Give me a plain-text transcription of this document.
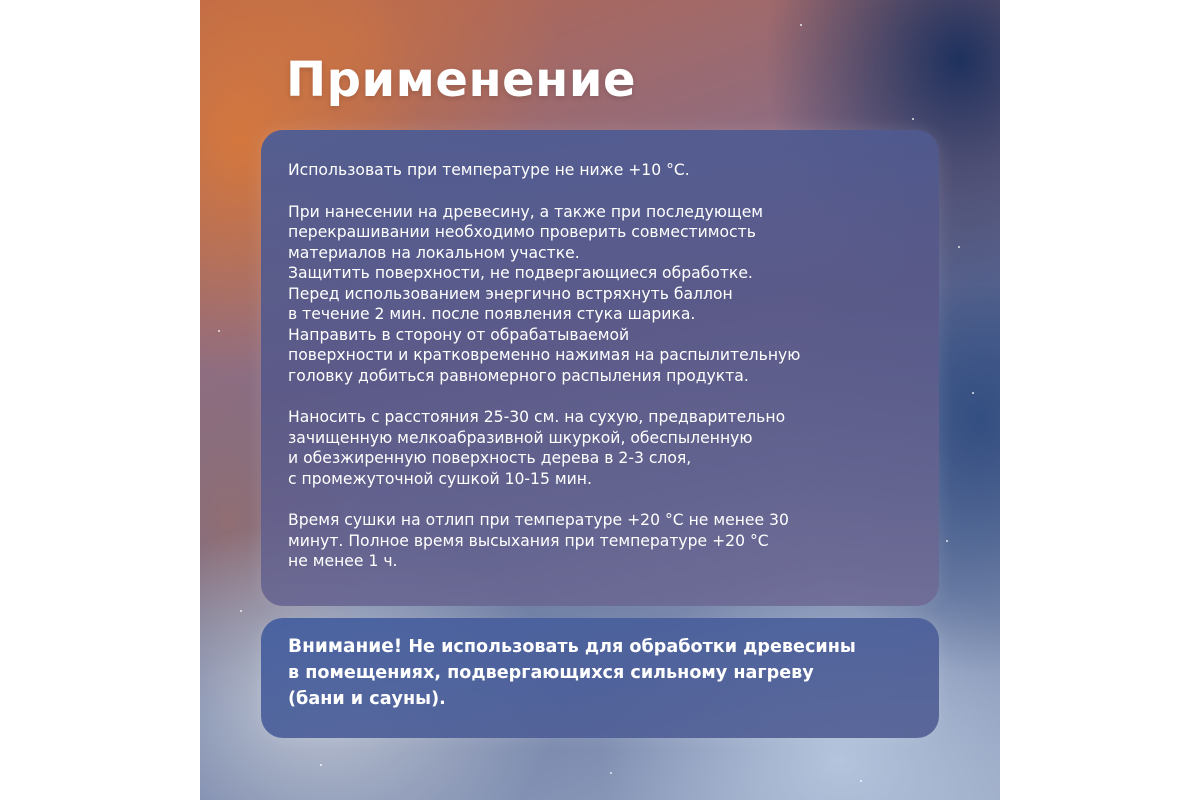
Применение

Использовать при температуре не ниже +10 °С.

При нанесении на древесину, а также при последующем
перекрашивании необходимо проверить совместимость
материалов на локальном участке.
Защитить поверхности, не подвергающиеся обработке.
Перед использованием энергично встряхнуть баллон
в течение 2 мин. после появления стука шарика.
Направить в сторону от обрабатываемой
поверхности и кратковременно нажимая на распылительную
головку добиться равномерного распыления продукта.

Наносить с расстояния 25-30 см. на сухую, предварительно
зачищенную мелкоабразивной шкуркой, обеспыленную
и обезжиренную поверхность дерева в 2-3 слоя,
с промежуточной сушкой 10-15 мин.

Время сушки на отлип при температуре +20 °С не менее 30
минут. Полное время высыхания при температуре +20 °С
не менее 1 ч.

Внимание! Не использовать для обработки древесины
в помещениях, подвергающихся сильному нагреву
(бани и сауны).
